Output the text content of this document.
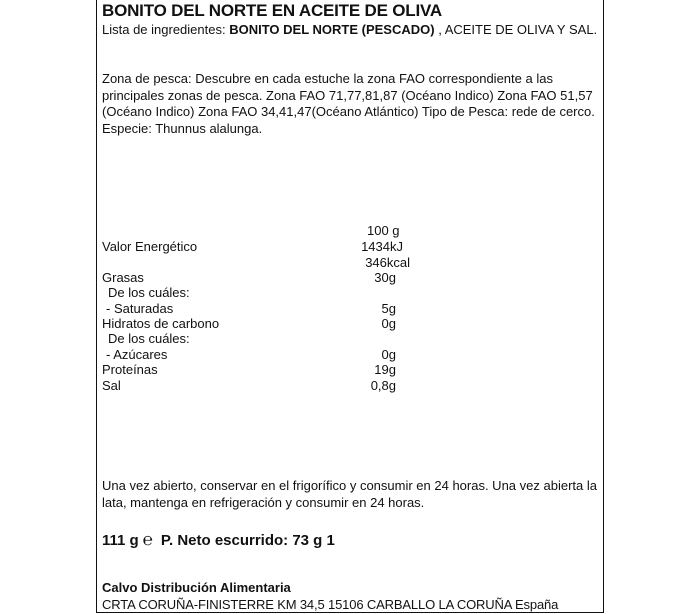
BONITO DEL NORTE EN ACEITE DE OLIVA
Lista de ingredientes: BONITO DEL NORTE (PESCADO) , ACEITE DE OLIVA Y SAL.
Zona de pesca: Descubre en cada estuche la zona FAO correspondiente a las principales zonas de pesca. Zona FAO 71,77,81,87 (Océano Indico) Zona FAO 51,57 (Océano Indico) Zona FAO 34,41,47(Océano Atlántico) Tipo de Pesca: rede de cerco. Especie: Thunnus alalunga.
100 g
Valor Energético	1434kJ
346kcal
Grasas	30g
De los cuáles:
- Saturadas	5g
Hidratos de carbono	0g
De los cuáles:
- Azúcares	0g
Proteínas	19g
Sal	0,8g
Una vez abierto, conservar en el frigorífico y consumir en 24 horas. Una vez abierta la lata, mantenga en refrigeración y consumir en 24 horas.
111 g ℮ P. Neto escurrido: 73 g 1
Calvo Distribución Alimentaria
CRTA CORUÑA-FINISTERRE KM 34,5 15106 CARBALLO LA CORUÑA España
